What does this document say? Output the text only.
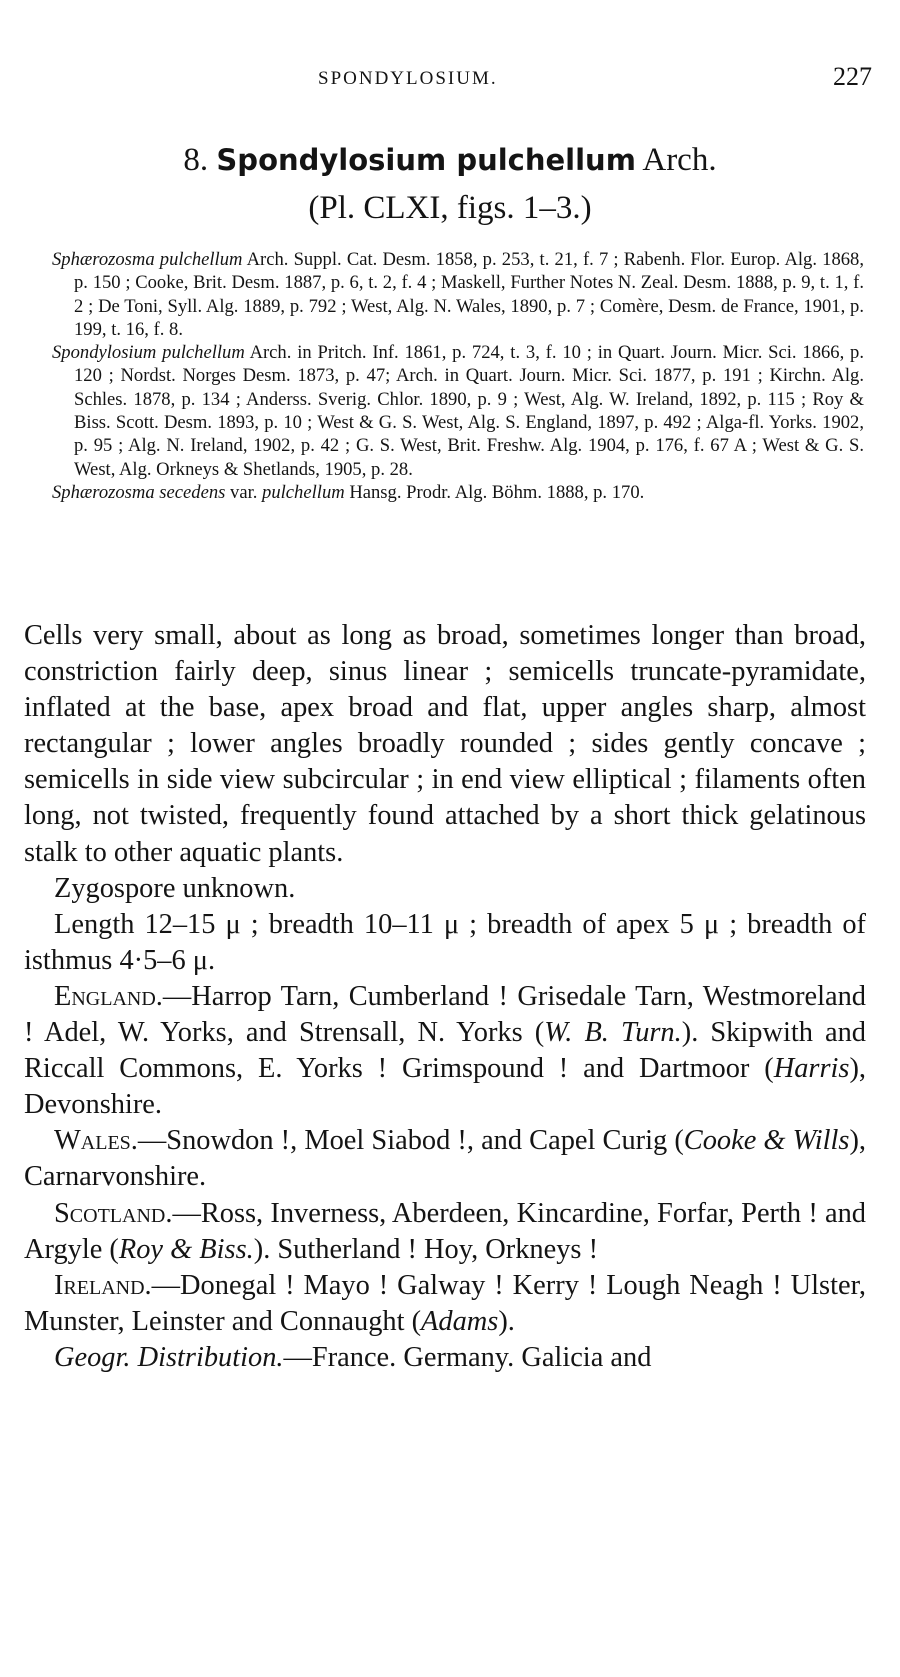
SPONDYLOSIUM.	227
8. Spondylosium pulchellum Arch.
(Pl. CLXI, figs. 1–3.)

Sphærozosma pulchellum Arch. Suppl. Cat. Desm. 1858, p. 253, t. 21, f. 7 ; Rabenh. Flor. Europ. Alg. 1868, p. 150 ; Cooke, Brit. Desm. 1887, p. 6, t. 2, f. 4 ; Maskell, Further Notes N. Zeal. Desm. 1888, p. 9, t. 1, f. 2 ; De Toni, Syll. Alg. 1889, p. 792 ; West, Alg. N. Wales, 1890, p. 7 ; Comère, Desm. de France, 1901, p. 199, t. 16, f. 8.

Spondylosium pulchellum Arch. in Pritch. Inf. 1861, p. 724, t. 3, f. 10 ; in Quart. Journ. Micr. Sci. 1866, p. 120 ; Nordst. Norges Desm. 1873, p. 47; Arch. in Quart. Journ. Micr. Sci. 1877, p. 191 ; Kirchn. Alg. Schles. 1878, p. 134 ; Anderss. Sverig. Chlor. 1890, p. 9 ; West, Alg. W. Ireland, 1892, p. 115 ; Roy & Biss. Scott. Desm. 1893, p. 10 ; West & G. S. West, Alg. S. England, 1897, p. 492 ; Alga-fl. Yorks. 1902, p. 95 ; Alg. N. Ireland, 1902, p. 42 ; G. S. West, Brit. Freshw. Alg. 1904, p. 176, f. 67 A ; West & G. S. West, Alg. Orkneys & Shetlands, 1905, p. 28.

Sphærozosma secedens var. pulchellum Hansg. Prodr. Alg. Böhm. 1888, p. 170.

Cells very small, about as long as broad, sometimes longer than broad, constriction fairly deep, sinus linear ; semicells truncate-pyramidate, inflated at the base, apex broad and flat, upper angles sharp, almost rectangular ; lower angles broadly rounded ; sides gently concave ; semicells in side view subcircular ; in end view elliptical ; filaments often long, not twisted, frequently found attached by a short thick gelatinous stalk to other aquatic plants.

Zygospore unknown.

Length 12–15 μ ; breadth 10–11 μ ; breadth of apex 5 μ ; breadth of isthmus 4·5–6 μ.

England.—Harrop Tarn, Cumberland ! Grisedale Tarn, Westmoreland ! Adel, W. Yorks, and Strensall, N. Yorks (W. B. Turn.). Skipwith and Riccall Commons, E. Yorks ! Grimspound ! and Dartmoor (Harris), Devonshire.

Wales.—Snowdon !, Moel Siabod !, and Capel Curig (Cooke & Wills), Carnarvonshire.

Scotland.—Ross, Inverness, Aberdeen, Kincardine, Forfar, Perth ! and Argyle (Roy & Biss.). Sutherland ! Hoy, Orkneys !

Ireland.—Donegal ! Mayo ! Galway ! Kerry ! Lough Neagh ! Ulster, Munster, Leinster and Connaught (Adams).

Geogr. Distribution.—France. Germany. Galicia and
